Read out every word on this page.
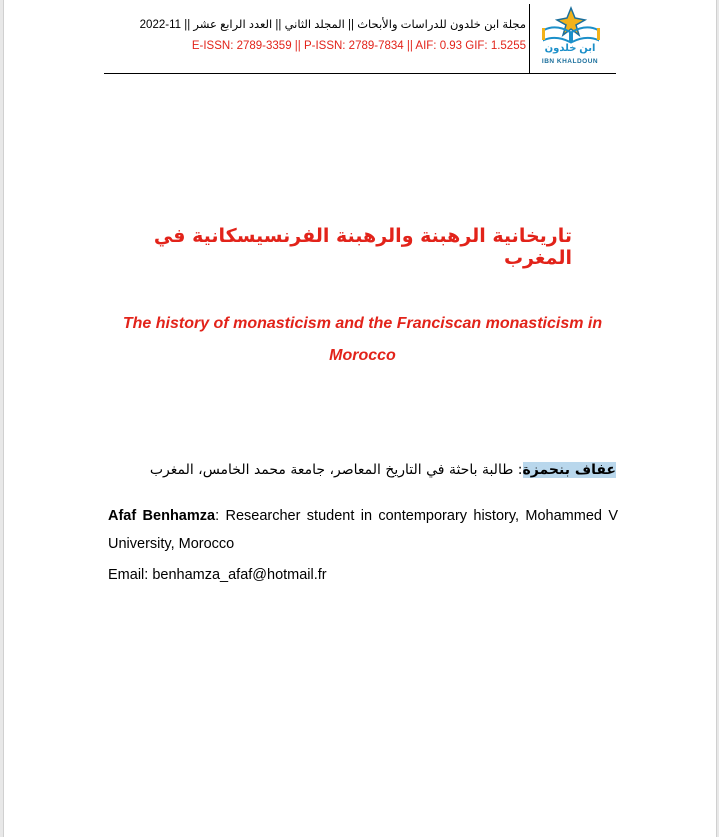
مجلة ابن خلدون للدراسات والأبحاث || المجلد الثاني || العدد الرابع عشر || 11-2022
E-ISSN: 2789-3359 || P-ISSN: 2789-7834 || AIF: 0.93 GIF: 1.5255	ابن خلدون
IBN KHALDOUN
تاريخانية الرهبنة والرهبنة الفرنسيسكانية في المغرب
The history of monasticism and the Franciscan monasticism in Morocco
عفاف بنحمزة: طالبة باحثة في التاريخ المعاصر، جامعة محمد الخامس، المغرب
Afaf Benhamza: Researcher student in contemporary history, Mohammed V University, Morocco
Email: benhamza_afaf@hotmail.fr
